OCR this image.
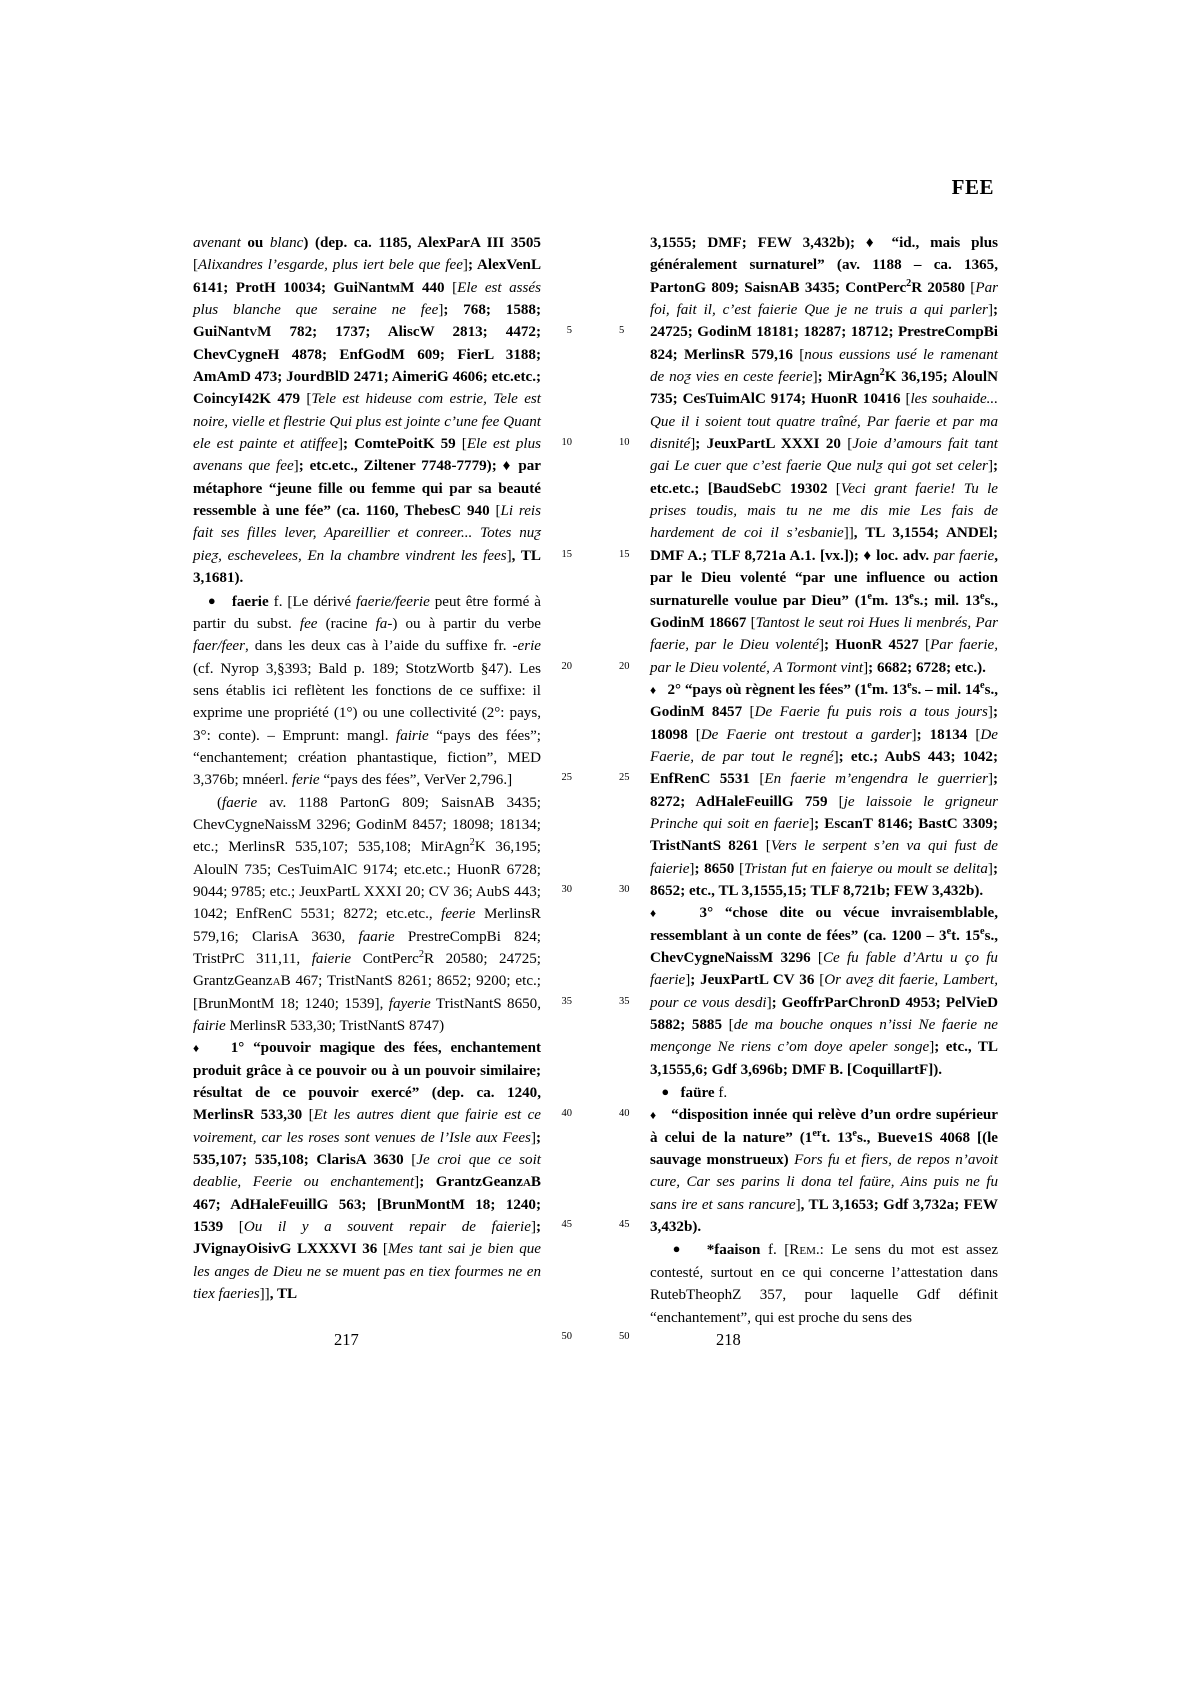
FEE

avenant ou blanc) (dep. ca. 1185, AlexParA III 3505 [Alixandres l’esgarde, plus iert bele que fee]; AlexVenL 6141; ProtH 10034; GuiNantmM 440 [Ele est assés plus blanche que seraine ne fee]; 768; 1588; GuiNantvM 782; 1737; AliscW 2813; 4472; ChevCygneH 4878; EnfGodM 609; FierL 3188; AmAmD 473; JourdBlD 2471; AimeriG 4606; etc.etc.; CoincyI42K 479 [Tele est hideuse com estrie, Tele est noire, vielle et flestrie Qui plus est jointe c’une fee Quant ele est painte et atiffee]; ComtePoitK 59 [Ele est plus avenans que fee]; etc.etc., Ziltener 7748-7779); ♦ par métaphore “jeune fille ou femme qui par sa beauté ressemble à une fée” (ca. 1160, ThebesC 940 [Li reis fait ses filles lever, Apareillier et conreer... Totes nuƺ pieƺ, eschevelees, En la chambre vindrent les fees], TL 3,1681).

● faerie f. [Le dérivé faerie/feerie peut être formé à partir du subst. fee (racine fa-) ou à partir du verbe faer/feer, dans les deux cas à l’aide du suffixe fr. -erie (cf. Nyrop 3,§393; Bald p. 189; StotzWortb §47). Les sens établis ici reflètent les fonctions de ce suffixe: il exprime une propriété (1°) ou une collectivité (2°: pays, 3°: conte). – Emprunt: mangl. fairie “pays des fées”; “enchantement; création phantastique, fiction”, MED 3,376b; mnéerl. ferie “pays des fées”, VerVer 2,796.]

(faerie av. 1188 PartonG 809; SaisnAB 3435; ChevCygneNaissM 3296; GodinM 8457; 18098; 18134; etc.; MerlinsR 535,107; 535,108; MirAgn$^2$K 36,195; AloulN 735; CesTuimAlC 9174; etc.etc.; HuonR 6728; 9044; 9785; etc.; JeuxPartL XXXI 20; CV 36; AubS 443; 1042; EnfRenC 5531; 8272; etc.etc., feerie MerlinsR 579,16; ClarisA 3630, faarie PrestreCompBi 824; TristPrC 311,11, faierie ContPerc$^2$R 20580; 24725; GrantzGeanzaB 467; TristNantS 8261; 8652; 9200; etc.; [BrunMontM 18; 1240; 1539], fayerie TristNantS 8650, fairie MerlinsR 533,30; TristNantS 8747)

♦ 1° “pouvoir magique des fées, enchantement produit grâce à ce pouvoir ou à un pouvoir similaire; résultat de ce pouvoir exercé” (dep. ca. 1240, MerlinsR 533,30 [Et les autres dient que fairie est ce voirement, car les roses sont venues de l’Isle aux Fees]; 535,107; 535,108; ClarisA 3630 [Je croi que ce soit deablie, Feerie ou enchantement]; GrantzGeanzaB 467; AdHaleFeuillG 563; [BrunMontM 18; 1240; 1539 [Ou il y a souvent repair de faierie]; JVignayOisivG LXXXVI 36 [Mes tant sai je bien que les anges de Dieu ne se muent pas en tiex fourmes ne en tiex faeries]], TL

5
10
15
20
25
30
35
40
45
50

3,1555; DMF; FEW 3,432b); ♦ “id., mais plus généralement surnaturel” (av. 1188 – ca. 1365, PartonG 809; SaisnAB 3435; ContPerc$^2$R 20580 [Par foi, fait il, c’est faierie Que je ne truis a qui parler]; 24725; GodinM 18181; 18287; 18712; PrestreCompBi 824; MerlinsR 579,16 [nous eussions usé le ramenant de noƺ vies en ceste feerie]; MirAgn$^2$K 36,195; AloulN 735; CesTuimAlC 9174; HuonR 10416 [les souhaide... Que il i soient tout quatre traîné, Par faerie et par ma disnité]; JeuxPartL XXXI 20 [Joie d’amours fait tant gai Le cuer que c’est faerie Que nulƺ qui got set celer]; etc.etc.; [BaudSebC 19302 [Veci grant faerie! Tu le prises toudis, mais tu ne me dis mie Les fais de hardement de coi il s’esbanie]], TL 3,1554; ANDEl; DMF A.; TLF 8,721a A.1. [vx.]); ♦ loc. adv. par faerie, par le Dieu volenté “par une influence ou action surnaturelle voulue par Dieu” (1em. 13es.; mil. 13es., GodinM 18667 [Tantost le seut roi Hues li menbrés, Par faerie, par le Dieu volenté]; HuonR 4527 [Par faerie, par le Dieu volenté, A Tormont vint]; 6682; 6728; etc.).

♦ 2° “pays où règnent les fées” (1em. 13es. – mil. 14es., GodinM 8457 [De Faerie fu puis rois a tous jours]; 18098 [De Faerie ont trestout a garder]; 18134 [De Faerie, de par tout le regné]; etc.; AubS 443; 1042; EnfRenC 5531 [En faerie m’engendra le guerrier]; 8272; AdHaleFeuillG 759 [je laissoie le grigneur Prinche qui soit en faerie]; EscanT 8146; BastC 3309; TristNantS 8261 [Vers le serpent s’en va qui fust de faierie]; 8650 [Tristan fut en faierye ou moult se delita]; 8652; etc., TL 3,1555,15; TLF 8,721b; FEW 3,432b).

♦ 3° “chose dite ou vécue invraisemblable, ressemblant à un conte de fées” (ca. 1200 – 3et. 15es., ChevCygneNaissM 3296 [Ce fu fable d’Artu u ço fu faerie]; JeuxPartL CV 36 [Or aveƺ dit faerie, Lambert, pour ce vous desdi]; GeoffrParChronD 4953; PelVieD 5882; 5885 [de ma bouche onques n’issi Ne faerie ne mençonge Ne riens c’om doye apeler songe]; etc., TL 3,1555,6; Gdf 3,696b; DMF B. [CoquillartF]).

● faüre f.

♦ “disposition innée qui relève d’un ordre supérieur à celui de la nature” (1ert. 13es., Bueve1S 4068 [(le sauvage monstrueux) Fors fu et fiers, de repos n’avoit cure, Car ses parins li dona tel faüre, Ains puis ne fu sans ire et sans rancure], TL 3,1653; Gdf 3,732a; FEW 3,432b).

● *faaison f. [Rem.: Le sens du mot est assez contesté, surtout en ce qui concerne l’attestation dans RutebTheophZ 357, pour laquelle Gdf définit “enchantement”, qui est proche du sens des

5
10
15
20
25
30
35
40
45
50
217	218
